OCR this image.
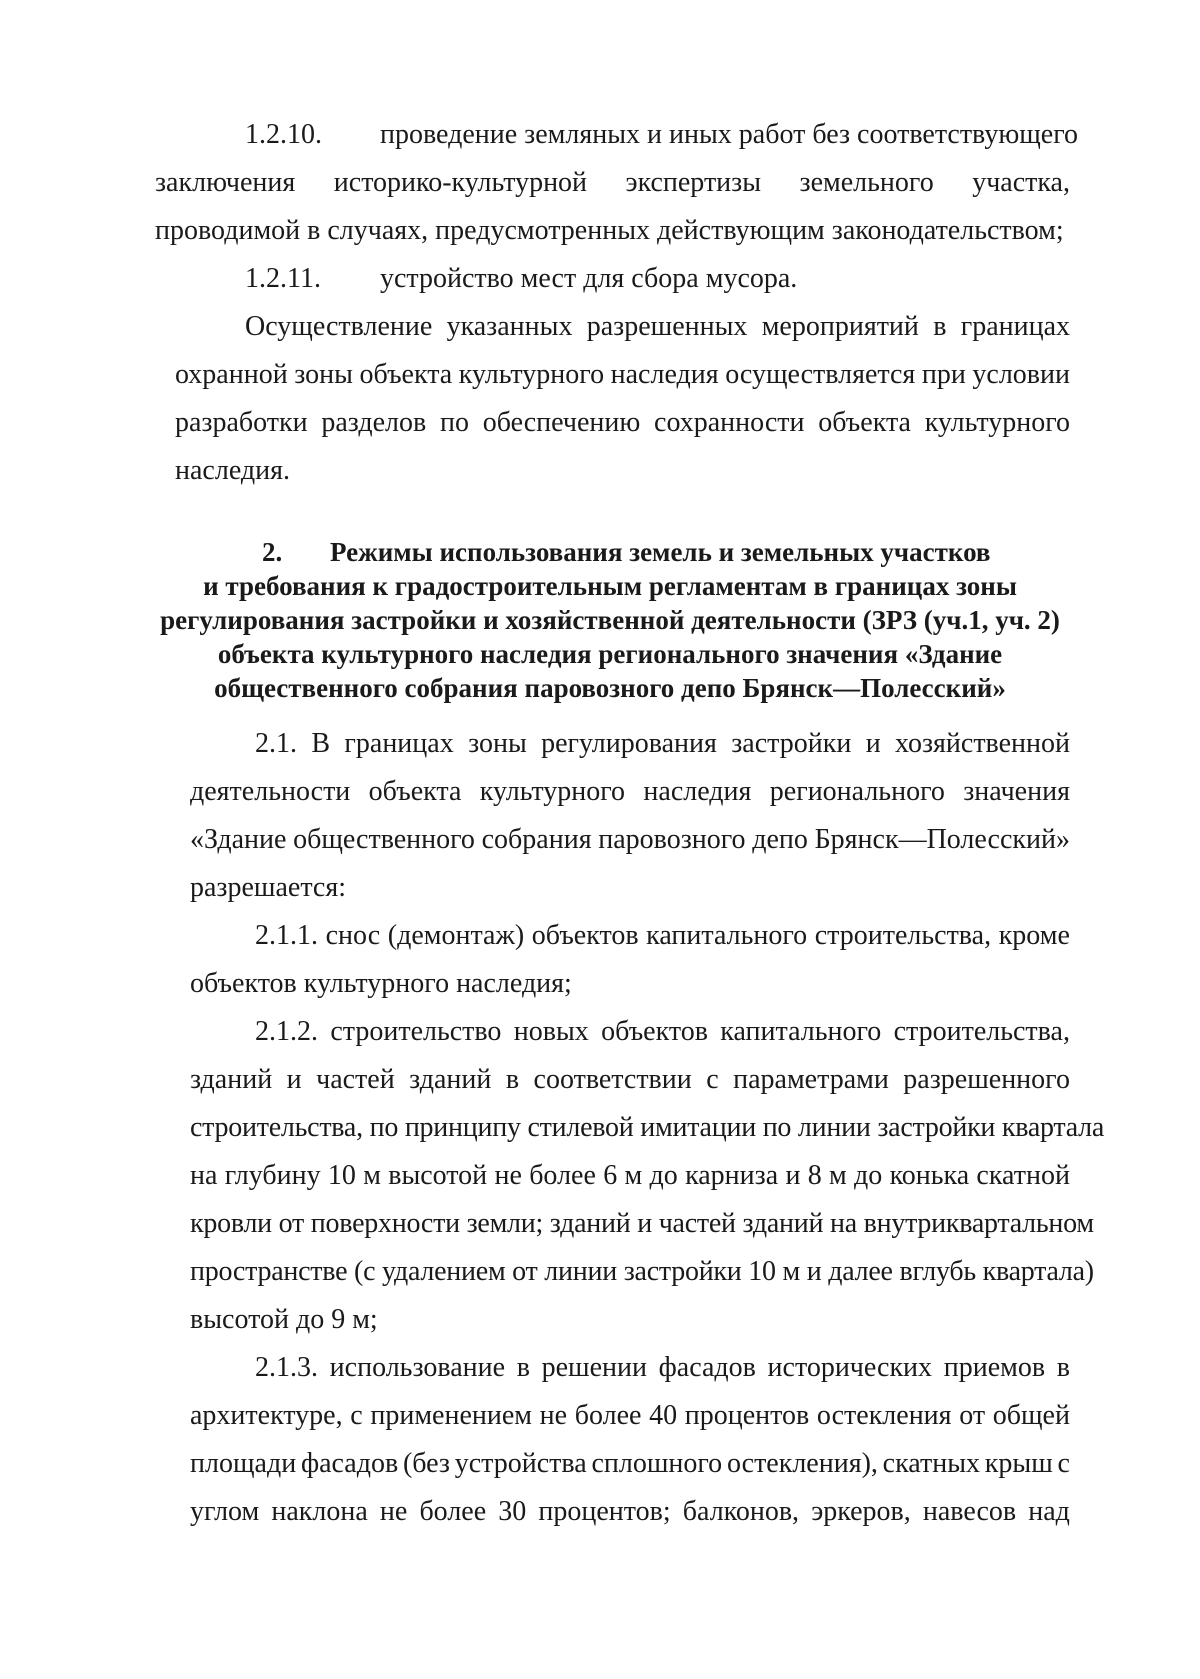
1.2.10. проведение земляных и иных работ без соответствующего
заключения историко-культурной экспертизы земельного участка,
проводимой в случаях, предусмотренных действующим законодательством;
1.2.11. устройство мест для сбора мусора.
Осуществление указанных разрешенных мероприятий в границах
охранной зоны объекта культурного наследия осуществляется при условии
разработки разделов по обеспечению сохранности объекта культурного
наследия.
2. Режимы использования земель и земельных участков
и требования к градостроительным регламентам в границах зоны
регулирования застройки и хозяйственной деятельности (ЗРЗ (уч.1, уч. 2)
объекта культурного наследия регионального значения «Здание
общественного собрания паровозного депо Брянск—Полесский»
2.1. В границах зоны регулирования застройки и хозяйственной
деятельности объекта культурного наследия регионального значения
«Здание общественного собрания паровозного депо Брянск—Полесский»
разрешается:
2.1.1. снос (демонтаж) объектов капитального строительства, кроме
объектов культурного наследия;
2.1.2. строительство новых объектов капитального строительства,
зданий и частей зданий в соответствии с параметрами разрешенного
строительства, по принципу стилевой имитации по линии застройки квартала
на глубину 10 м высотой не более 6 м до карниза и 8 м до конька скатной
кровли от поверхности земли; зданий и частей зданий на внутриквартальном
пространстве (с удалением от линии застройки 10 м и далее вглубь квартала)
высотой до 9 м;
2.1.3. использование в решении фасадов исторических приемов в
архитектуре, с применением не более 40 процентов остекления от общей
площади фасадов (без устройства сплошного остекления), скатных крыш с
углом наклона не более 30 процентов; балконов, эркеров, навесов над
